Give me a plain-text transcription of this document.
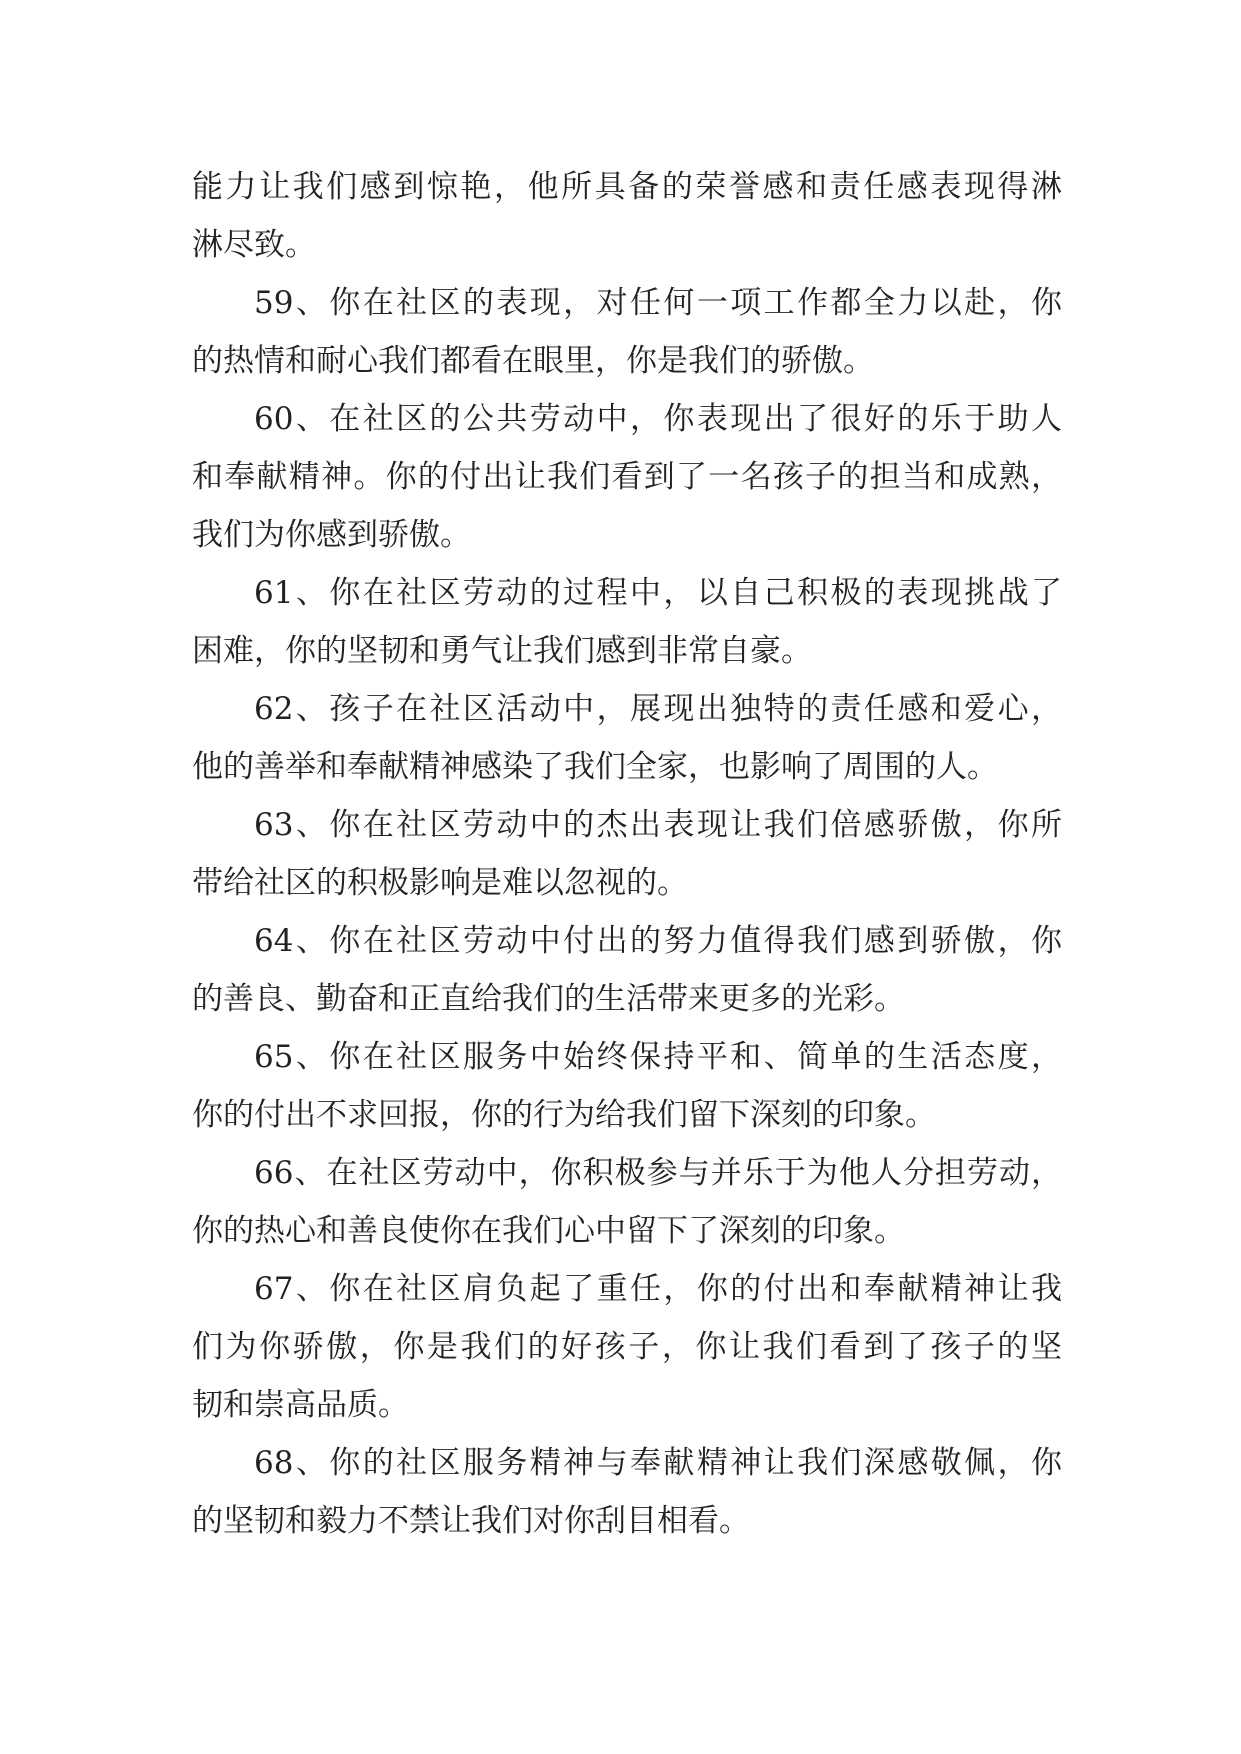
能力让我们感到惊艳，他所具备的荣誉感和责任感表现得淋
淋尽致。
59、你在社区的表现，对任何一项工作都全力以赴，你
的热情和耐心我们都看在眼里，你是我们的骄傲。
60、在社区的公共劳动中，你表现出了很好的乐于助人
和奉献精神。你的付出让我们看到了一名孩子的担当和成熟，
我们为你感到骄傲。
61、你在社区劳动的过程中，以自己积极的表现挑战了
困难，你的坚韧和勇气让我们感到非常自豪。
62、孩子在社区活动中，展现出独特的责任感和爱心，
他的善举和奉献精神感染了我们全家，也影响了周围的人。
63、你在社区劳动中的杰出表现让我们倍感骄傲，你所
带给社区的积极影响是难以忽视的。
64、你在社区劳动中付出的努力值得我们感到骄傲，你
的善良、勤奋和正直给我们的生活带来更多的光彩。
65、你在社区服务中始终保持平和、简单的生活态度，
你的付出不求回报，你的行为给我们留下深刻的印象。
66、在社区劳动中，你积极参与并乐于为他人分担劳动，
你的热心和善良使你在我们心中留下了深刻的印象。
67、你在社区肩负起了重任，你的付出和奉献精神让我
们为你骄傲，你是我们的好孩子，你让我们看到了孩子的坚
韧和崇高品质。
68、你的社区服务精神与奉献精神让我们深感敬佩，你
的坚韧和毅力不禁让我们对你刮目相看。
